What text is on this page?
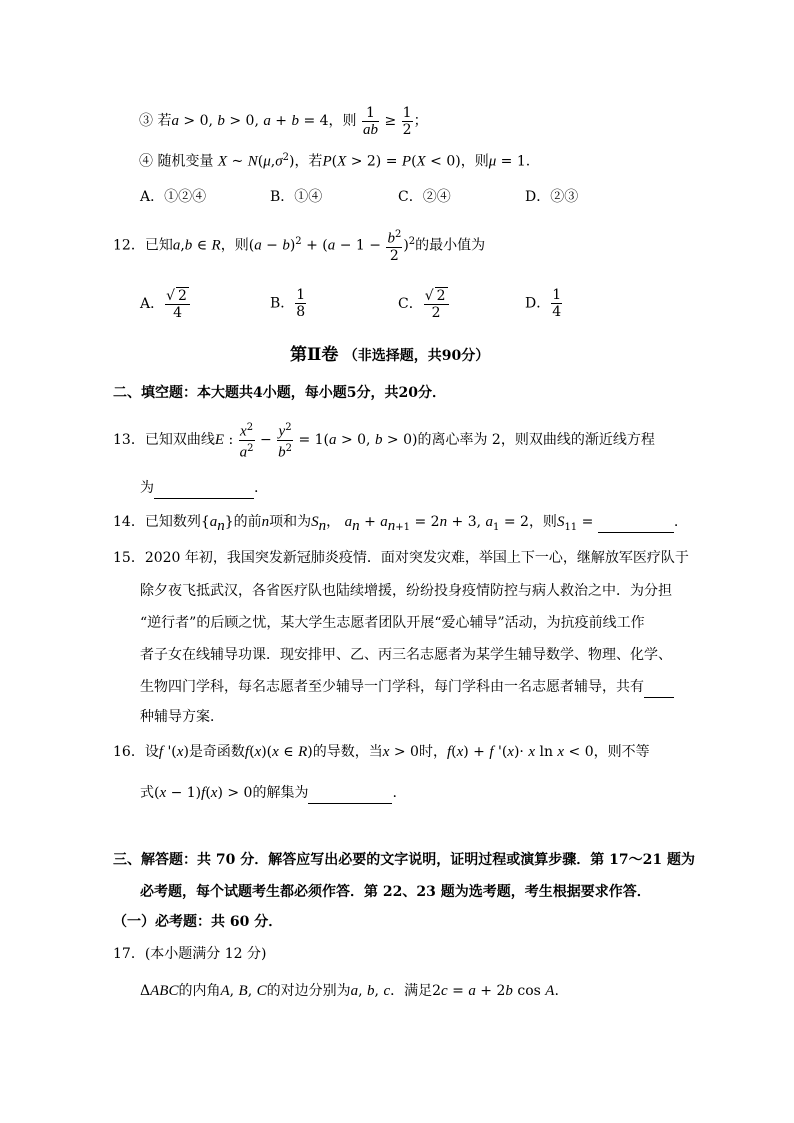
③ 若a > 0, b > 0, a + b = 4，则 $\frac{1}{ab} \ge \frac{1}{2}$ ；
④ 随机变量 X ~ $N(\mu,\sigma^2)$，若P(X > 2) = P(X < 0)，则μ = 1.
A．①②④	B．①④	C．②④	D．②③
12．已知a,b ∈ R，则$(a - b)^2 + (a - 1 - \frac{b^2}{2} )^2$的最小值为
A． $\frac{√ 2}{4}$	B． $\frac{1}{8}$	C． $\frac{√ 2}{2}$	D． $\frac{1}{4}$
第Ⅱ卷 （非选择题，共90分）
二、填空题：本大题共4小题，每小题5分，共20分．
13．已知双曲线E : $\frac{x^2}{a^2} - \frac{y^2}{b^2} = 1(a > 0$, b > 0)的离心率为 2，则双曲线的渐近线方程
为	.
14．已知数列$\{a_n\}$的前n项和为$S_n$， $a_n + a_{n+1} = 2n + 3$, $a_1 = 2$，则$S_{11}$ =	.
15．2020 年初，我国突发新冠肺炎疫情．面对突发灾难，举国上下一心，继解放军医疗队于
除夕夜飞抵武汉，各省医疗队也陆续增援，纷纷投身疫情防控与病人救治之中．为分担
“逆行者”的后顾之忧，某大学生志愿者团队开展“爱心辅导”活动，为抗疫前线工作
者子女在线辅导功课．现安排甲、乙、丙三名志愿者为某学生辅导数学、物理、化学、
生物四门学科，每名志愿者至少辅导一门学科，每门学科由一名志愿者辅导，共有
种辅导方案．
16．设f '(x)是奇函数f(x)(x ∈ R)的导数，当x > 0时，f(x) + f '(x)· x ln x < 0，则不等
式(x − 1)f(x) > 0的解集为	.
三、解答题：共 70 分．解答应写出必要的文字说明，证明过程或演算步骤．第 17～21 题为
必考题，每个试题考生都必须作答．第 22、23 题为选考题，考生根据要求作答．
（一）必考题：共 60 分．
17．(本小题满分 12 分)
ΔABC的内角A, B, C的对边分别为a, b, c．满足2c = a + 2b cos A.
